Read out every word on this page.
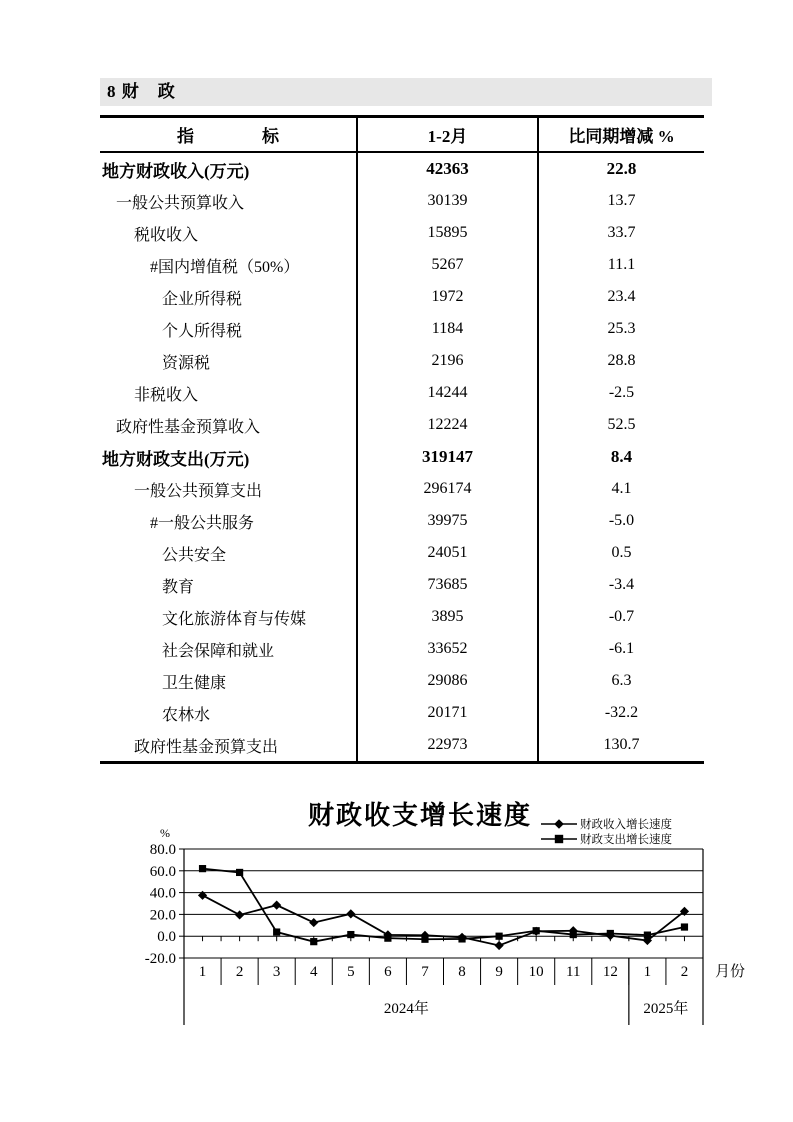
8 财　政
指　　　　标	1-2月	比同期增减 %
地方财政收入(万元)	42363	22.8
一般公共预算收入	30139	13.7
税收收入	15895	33.7
#国内增值税（50%）	5267	11.1
企业所得税	1972	23.4
个人所得税	1184	25.3
资源税	2196	28.8
非税收入	14244	-2.5
政府性基金预算收入	12224	52.5
地方财政支出(万元)	319147	8.4
一般公共预算支出	296174	4.1
#一般公共服务	39975	-5.0
公共安全	24051	0.5
教育	73685	-3.4
文化旅游体育与传媒	3895	-0.7
社会保障和就业	33652	-6.1
卫生健康	29086	6.3
农林水	20171	-32.2
政府性基金预算支出	22973	130.7
财政收支增长速度	财政收入增长速度
财政支出增长速度
80.0
60.0
40.0
20.0
0.0
-20.0
%
1 2 3 4 5 6 7 8 9 10 11 12 1 2
2024年	2025年
月份
